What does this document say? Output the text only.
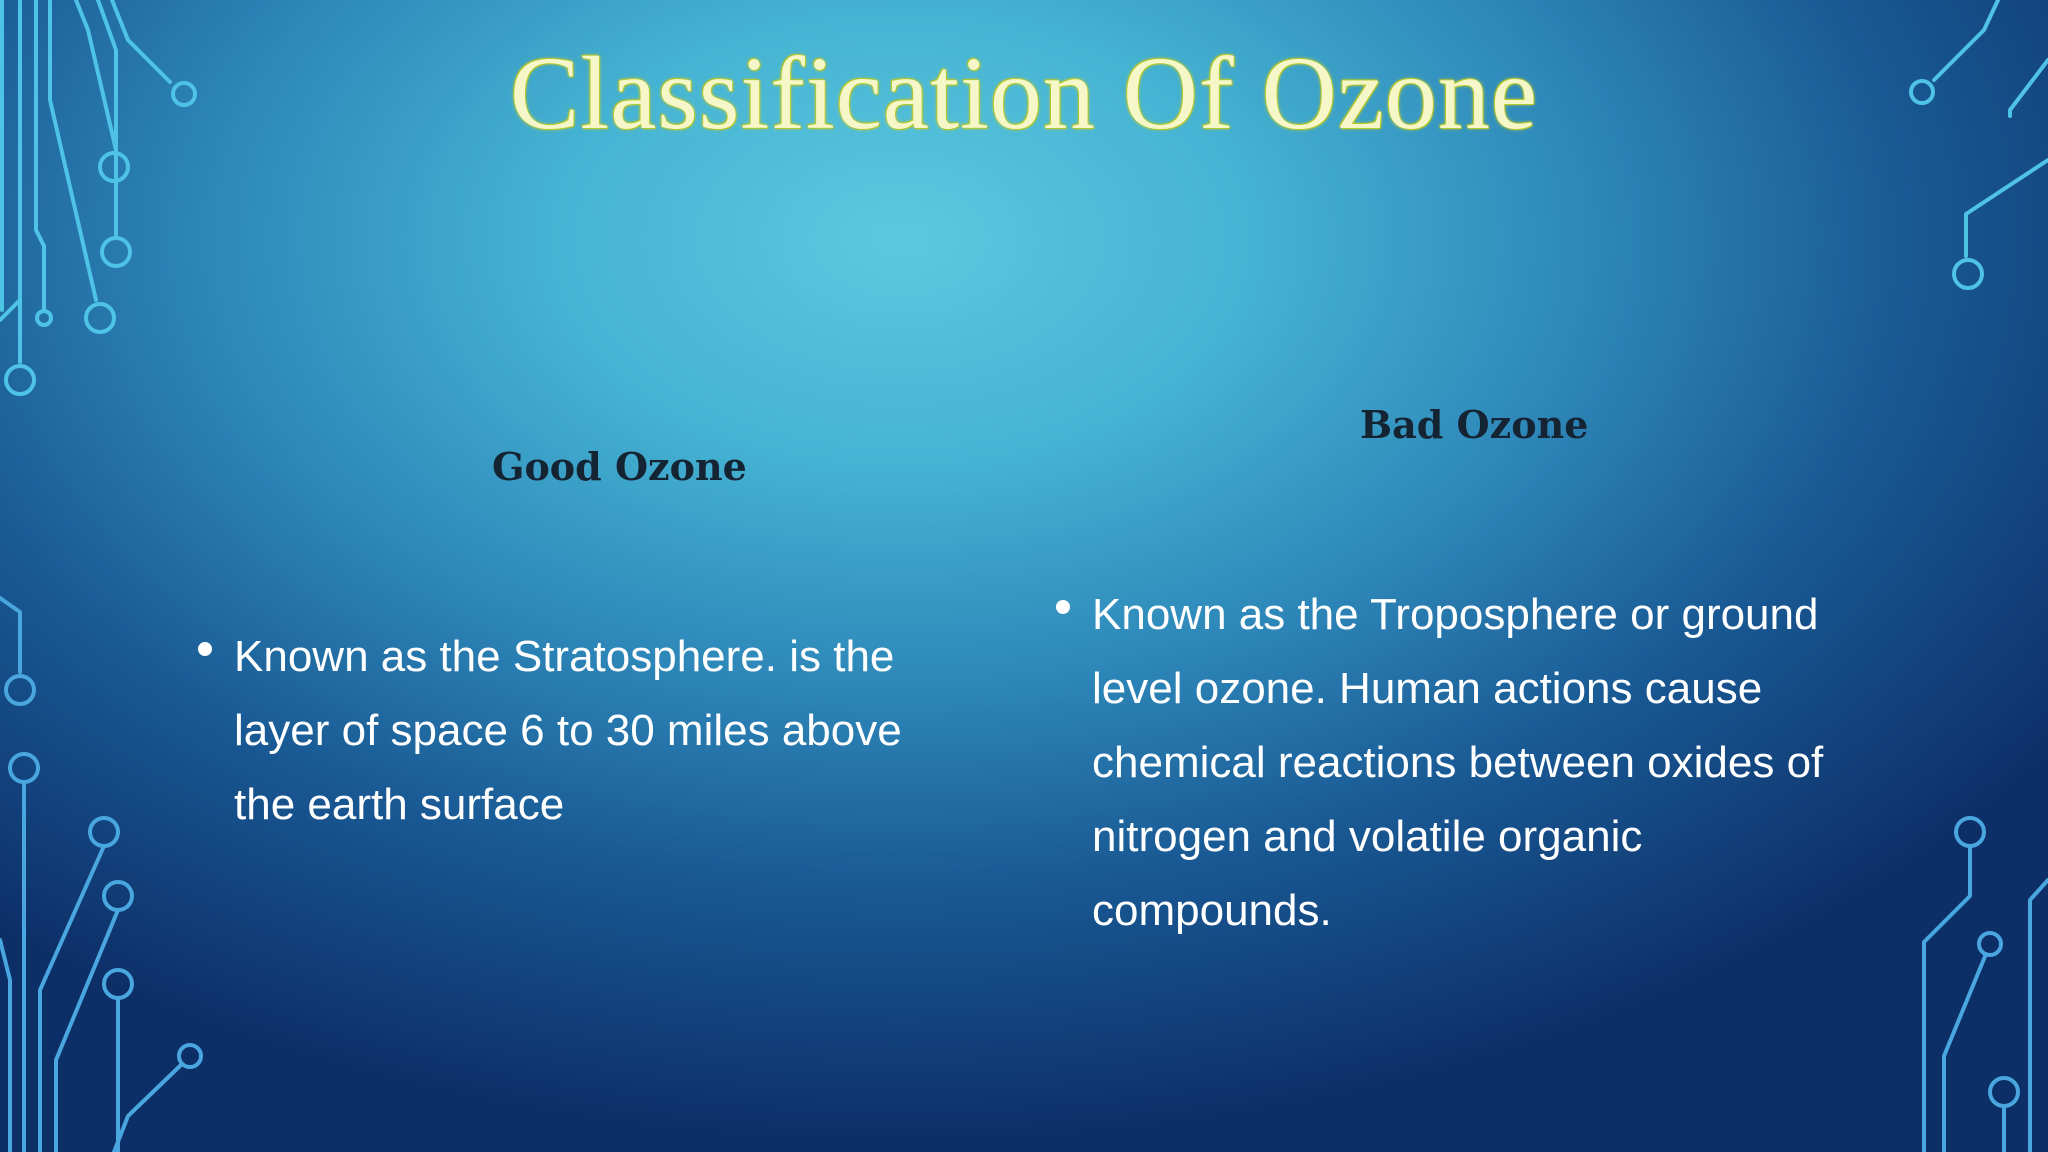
Classification Of Ozone
Good Ozone
Known as the Stratosphere. is the layer of space 6 to 30 miles above the earth surface
Bad Ozone
Known as the Troposphere or ground level ozone. Human actions cause chemical reactions between oxides of nitrogen and volatile organic compounds.
